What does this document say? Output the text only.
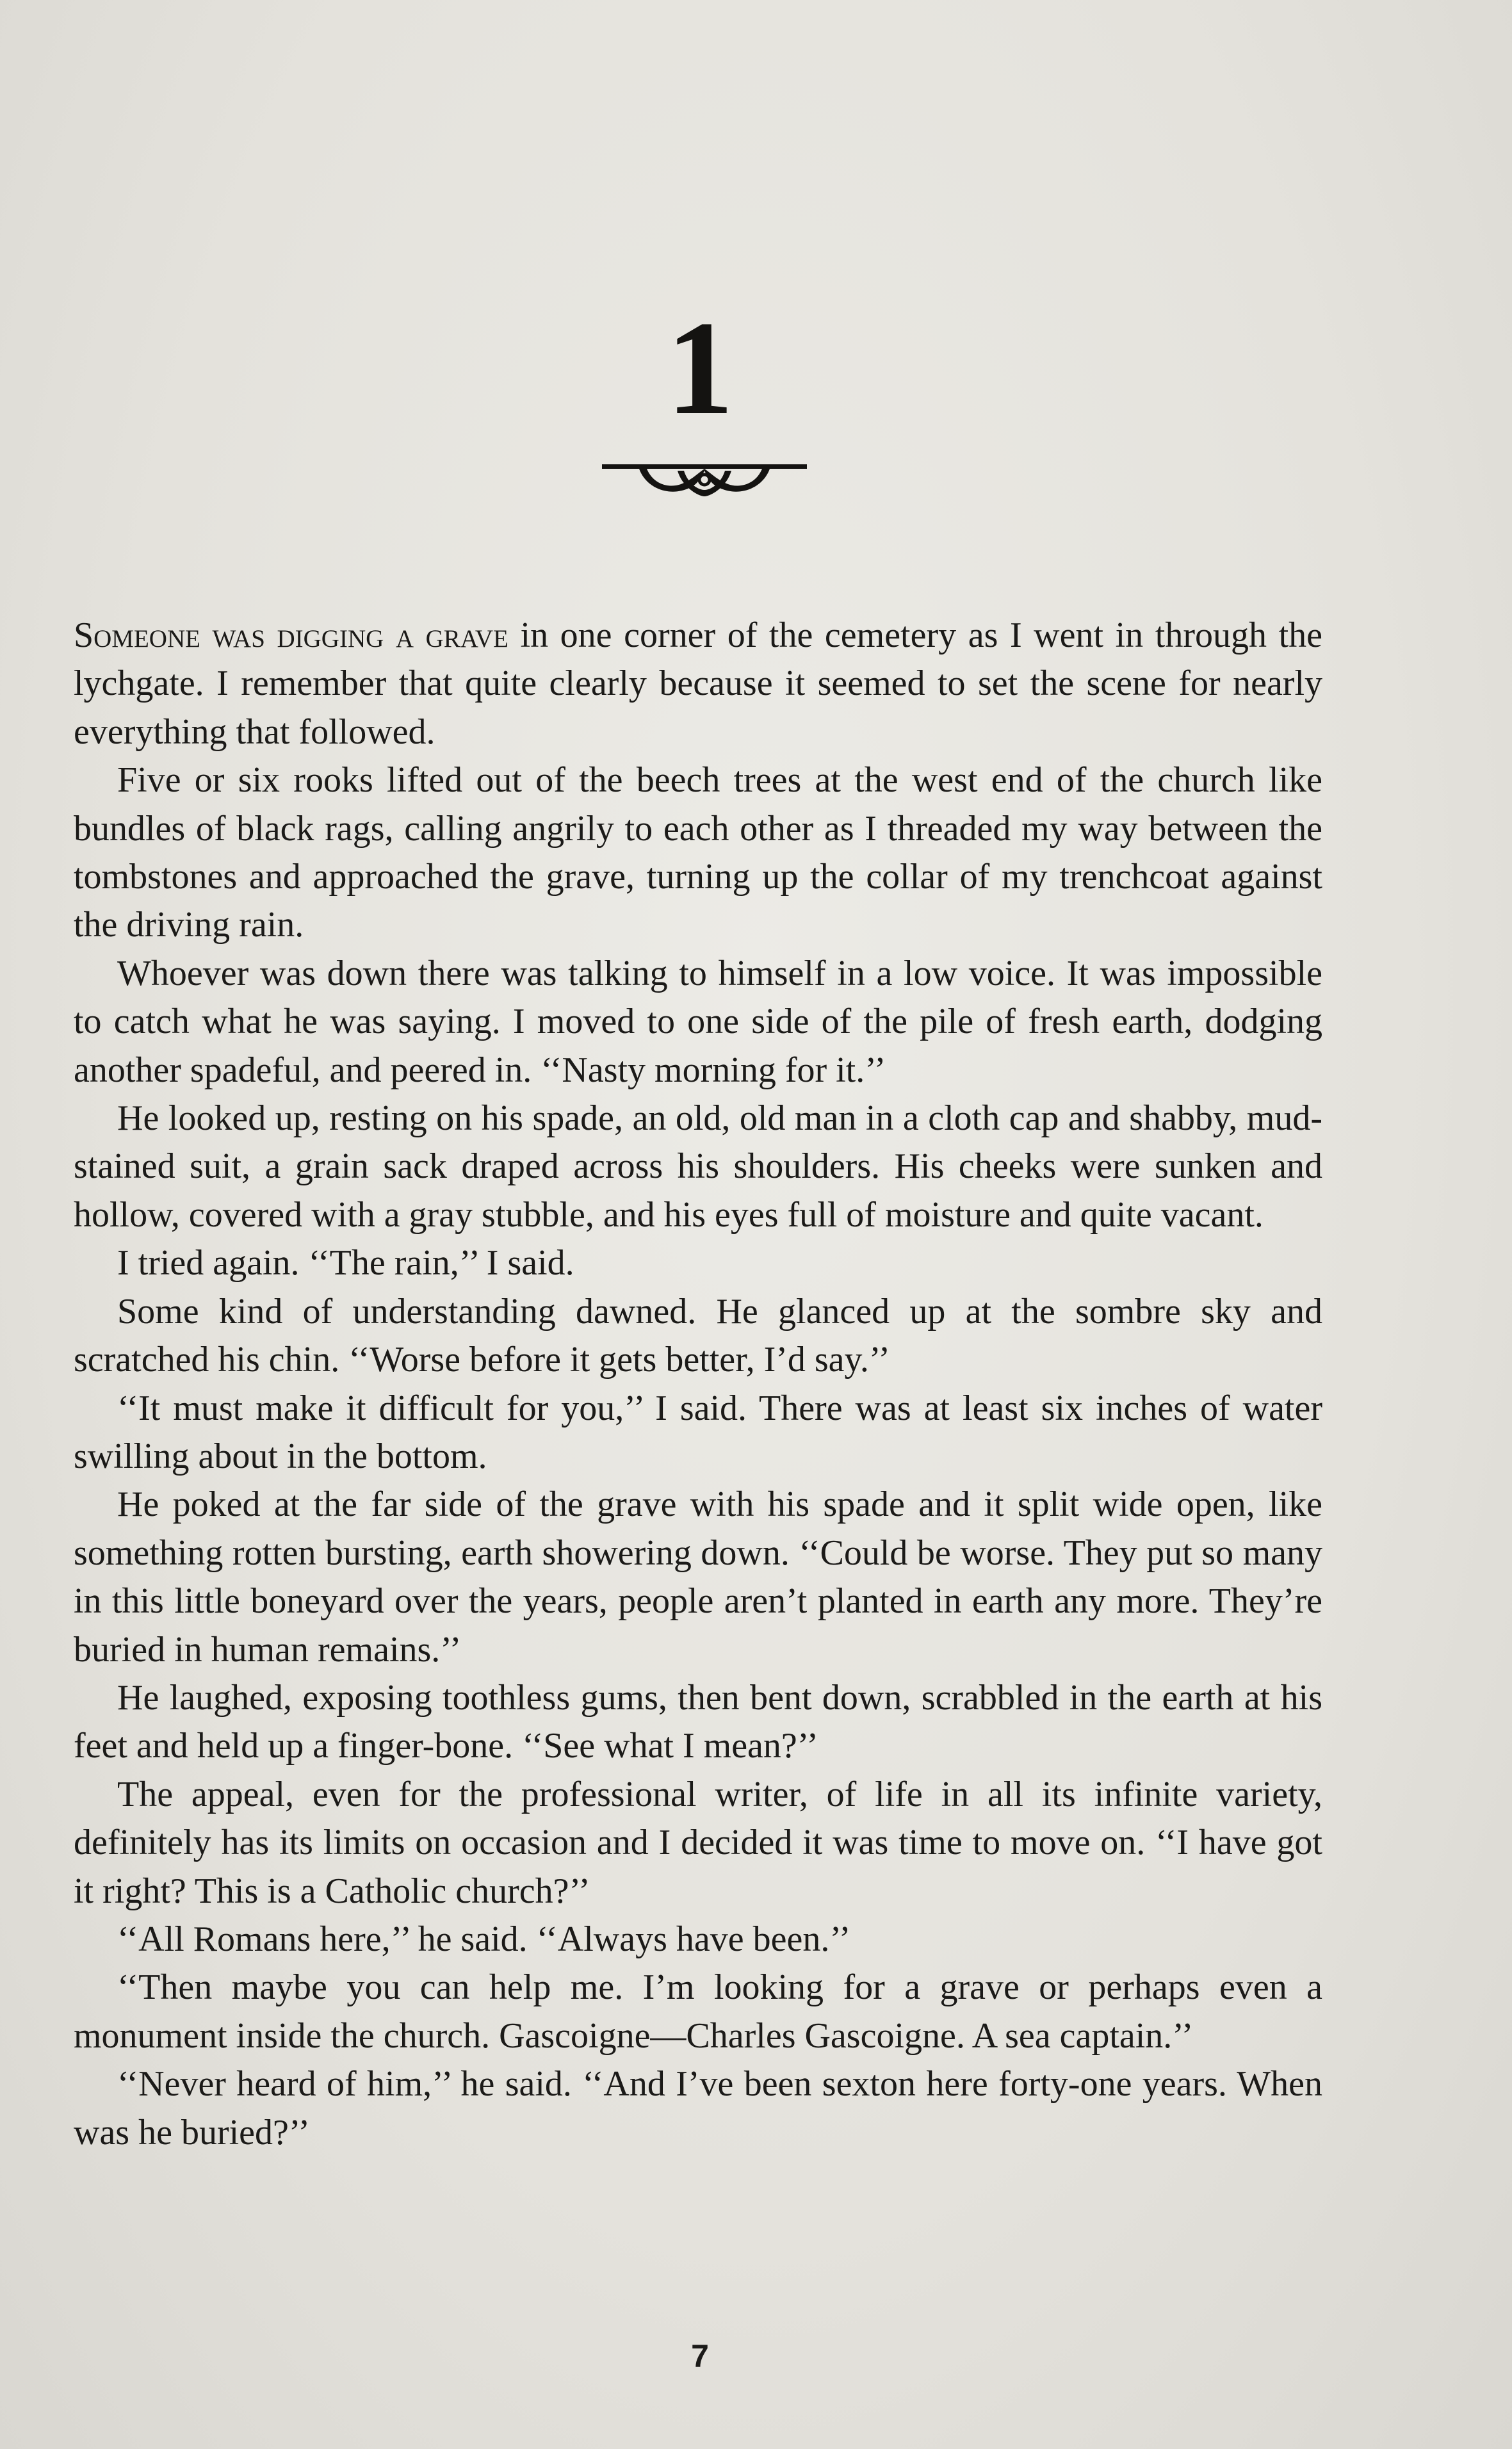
1

Someone was digging a grave in one corner of the cemetery as I went in through the lychgate. I remember that quite clearly because it seemed to set the scene for nearly everything that followed.

Five or six rooks lifted out of the beech trees at the west end of the church like bundles of black rags, calling angrily to each other as I threaded my way between the tombstones and approached the grave, turning up the collar of my trenchcoat against the driving rain.

Whoever was down there was talking to himself in a low voice. It was impossible to catch what he was saying. I moved to one side of the pile of fresh earth, dodging another spadeful, and peered in. ‘‘Nasty morning for it.’’

He looked up, resting on his spade, an old, old man in a cloth cap and shabby, mud-stained suit, a grain sack draped across his shoulders. His cheeks were sunken and hollow, covered with a gray stubble, and his eyes full of moisture and quite vacant.

I tried again. ‘‘The rain,’’ I said.

Some kind of understanding dawned. He glanced up at the sombre sky and scratched his chin. ‘‘Worse before it gets better, I’d say.’’

‘‘It must make it difficult for you,’’ I said. There was at least six inches of water swilling about in the bottom.

He poked at the far side of the grave with his spade and it split wide open, like something rotten bursting, earth showering down. ‘‘Could be worse. They put so many in this little boneyard over the years, people aren’t planted in earth any more. They’re buried in human remains.’’

He laughed, exposing toothless gums, then bent down, scrabbled in the earth at his feet and held up a finger-bone. ‘‘See what I mean?’’

The appeal, even for the professional writer, of life in all its infinite variety, definitely has its limits on occasion and I decided it was time to move on. ‘‘I have got it right? This is a Catholic church?’’

‘‘All Romans here,’’ he said. ‘‘Always have been.’’

‘‘Then maybe you can help me. I’m looking for a grave or perhaps even a monument inside the church. Gascoigne—Charles Gascoigne. A sea captain.’’

‘‘Never heard of him,’’ he said. ‘‘And I’ve been sexton here forty-one years. When was he buried?’’

7
